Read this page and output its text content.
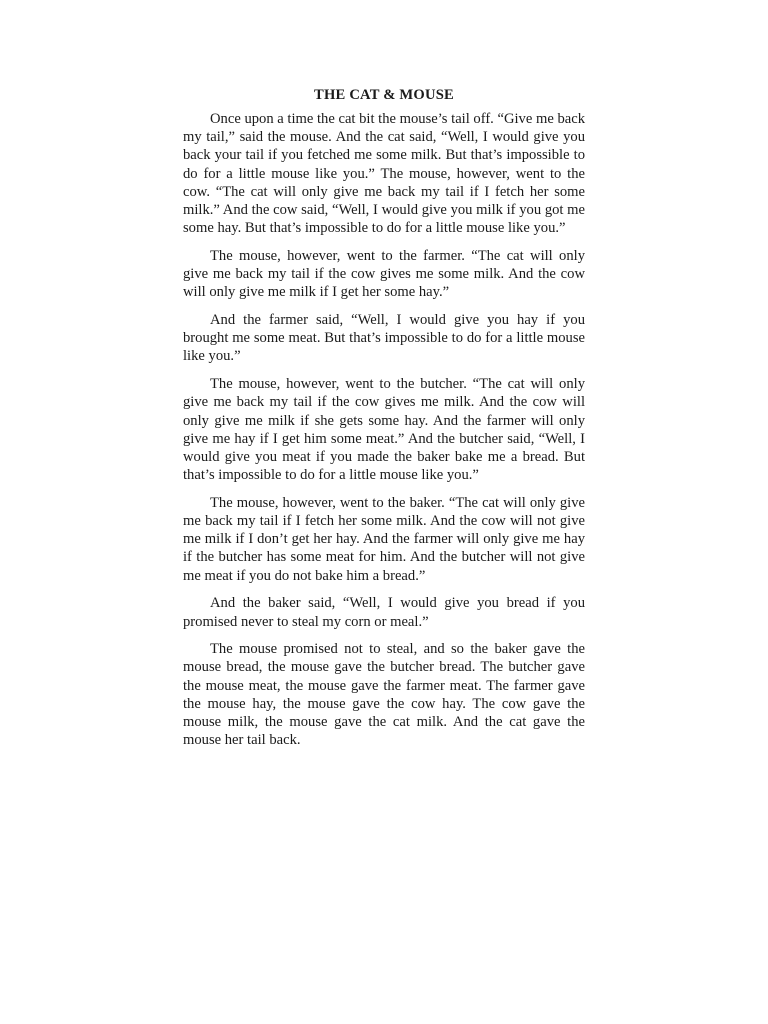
THE CAT & MOUSE

Once upon a time the cat bit the mouse’s tail off. “Give me back my tail,” said the mouse. And the cat said, “Well, I would give you back your tail if you fetched me some milk. But that’s impossible to do for a little mouse like you.” The mouse, however, went to the cow. “The cat will only give me back my tail if I fetch her some milk.” And the cow said, “Well, I would give you milk if you got me some hay. But that’s impossible to do for a little mouse like you.”

The mouse, however, went to the farmer. “The cat will only give me back my tail if the cow gives me some milk. And the cow will only give me milk if I get her some hay.”

And the farmer said, “Well, I would give you hay if you brought me some meat. But that’s impossible to do for a little mouse like you.”

The mouse, however, went to the butcher. “The cat will only give me back my tail if the cow gives me milk. And the cow will only give me milk if she gets some hay. And the farmer will only give me hay if I get him some meat.” And the butcher said, “Well, I would give you meat if you made the baker bake me a bread. But that’s impossible to do for a little mouse like you.”

The mouse, however, went to the baker. “The cat will only give me back my tail if I fetch her some milk. And the cow will not give me milk if I don’t get her hay. And the farmer will only give me hay if the butcher has some meat for him. And the butcher will not give me meat if you do not bake him a bread.”

And the baker said, “Well, I would give you bread if you promised never to steal my corn or meal.”

The mouse promised not to steal, and so the baker gave the mouse bread, the mouse gave the butcher bread. The butcher gave the mouse meat, the mouse gave the farmer meat. The farmer gave the mouse hay, the mouse gave the cow hay. The cow gave the mouse milk, the mouse gave the cat milk. And the cat gave the mouse her tail back.
